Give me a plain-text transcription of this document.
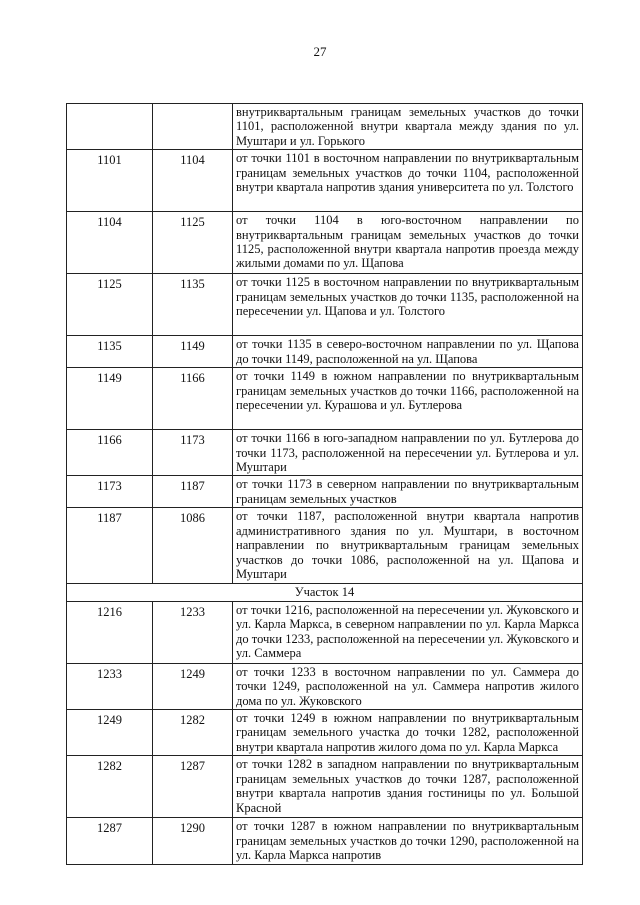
27
		внутриквартальным границам земельных участков до точки 1101, расположенной внутри квартала между здания по ул. Муштари и ул. Горького
1101	1104	от точки 1101 в восточном направлении по внутриквартальным границам земельных участков до точки 1104, расположенной внутри квартала напротив здания университета по ул. Толстого
1104	1125	от точки 1104 в юго-восточном направлении по внутриквартальным границам земельных участков до точки 1125, расположенной внутри квартала напротив проезда между жилыми домами по ул. Щапова
1125	1135	от точки 1125 в восточном направлении по внутриквартальным границам земельных участков до точки 1135, расположенной на пересечении ул. Щапова и ул. Толстого
1135	1149	от точки 1135 в северо-восточном направлении по ул. Щапова до точки 1149, расположенной на ул. Щапова
1149	1166	от точки 1149 в южном направлении по внутриквартальным границам земельных участков до точки 1166, расположенной на пересечении ул. Курашова и ул. Бутлерова
1166	1173	от точки 1166 в юго-западном направлении по ул. Бутлерова до точки 1173, расположенной на пересечении ул. Бутлерова и ул. Муштари
1173	1187	от точки 1173 в северном направлении по внутриквартальным границам земельных участков
1187	1086	от точки 1187, расположенной внутри квартала напротив административного здания по ул. Муштари, в восточном направлении по внутриквартальным границам земельных участков до точки 1086, расположенной на ул. Щапова и Муштари
Участок 14		
1216	1233	от точки 1216, расположенной на пересечении ул. Жуковского и ул. Карла Маркса, в северном направлении по ул. Карла Маркса до точки 1233, расположенной на пересечении ул. Жуковского и ул. Саммера
1233	1249	от точки 1233 в восточном направлении по ул. Саммера до точки 1249, расположенной на ул. Саммера напротив жилого дома по ул. Жуковского
1249	1282	от точки 1249 в южном направлении по внутриквартальным границам земельного участка до точки 1282, расположенной внутри квартала напротив жилого дома по ул. Карла Маркса
1282	1287	от точки 1282 в западном направлении по внутриквартальным границам земельных участков до точки 1287, расположенной внутри квартала напротив здания гостиницы по ул. Большой Красной
1287	1290	от точки 1287 в южном направлении по внутриквартальным границам земельных участков до точки 1290, расположенной на ул. Карла Маркса напротив
